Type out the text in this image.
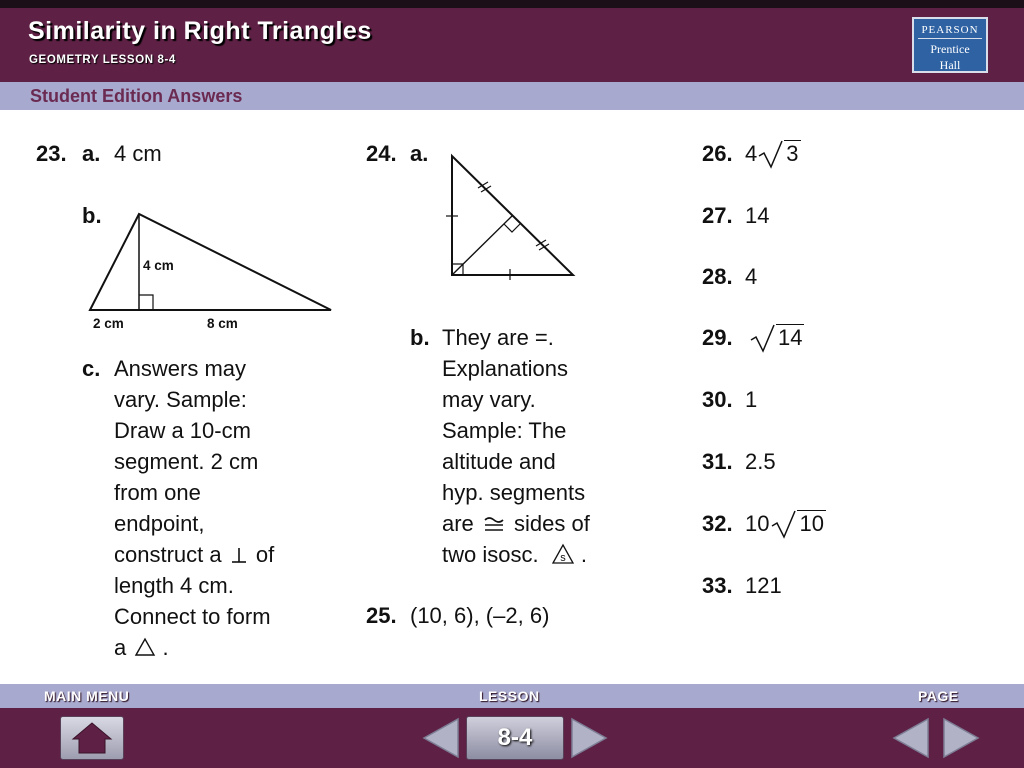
Similarity in Right Triangles
GEOMETRY LESSON 8-4
PEARSON
Prentice
Hall
Student Edition Answers
23. a. 4 cm
b.
4 cm
2 cm	8 cm
c. Answers may
vary. Sample:
Draw a 10-cm
segment. 2 cm
from one
endpoint,
construct a of
length 4 cm.
Connect to form
a .
24. a.
b. They are =.
Explanations
may vary.
Sample: The
altitude and
hyp. segments
are sides of
two isosc. s .
25. (10, 6), (–2, 6)
26. 4 3
27. 14
28. 4
29.	14
30. 1
31. 2.5
32. 10 10
33. 121
MAIN MENU	LESSON	PAGE
8-4
